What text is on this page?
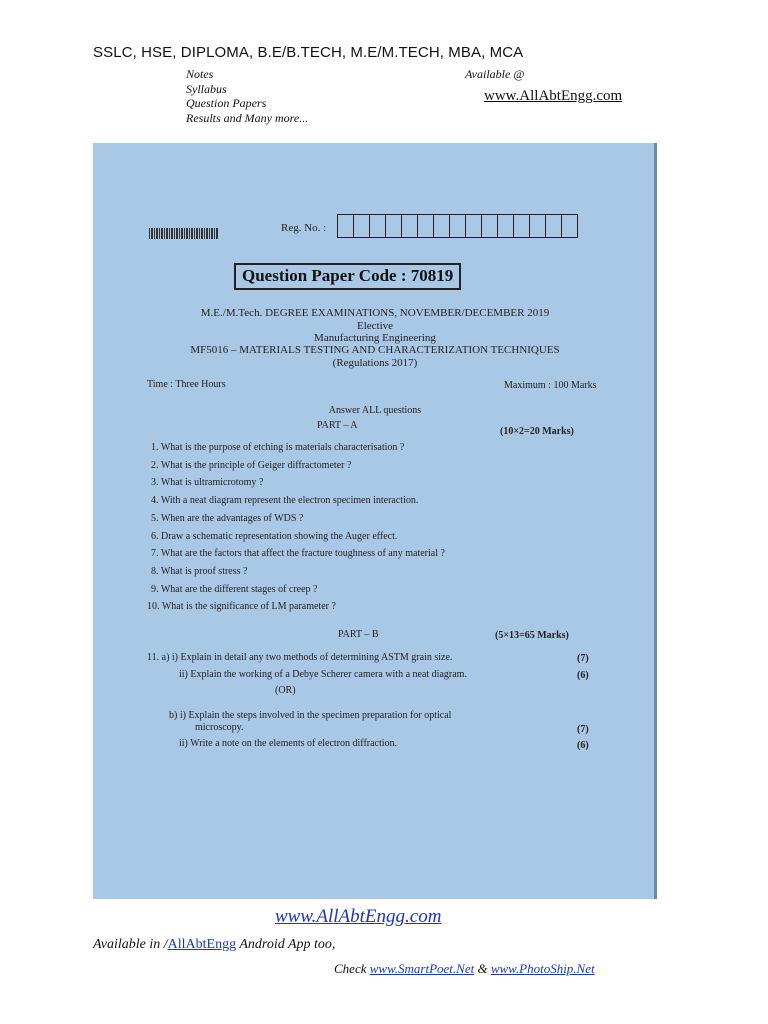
SSLC, HSE, DIPLOMA, B.E/B.TECH, M.E/M.TECH, MBA, MCA
Notes
Syllabus
Question Papers
Results and Many more...
Available @
www.AllAbtEngg.com
Reg. No. :
Question Paper Code : 70819
M.E./M.Tech. DEGREE EXAMINATIONS, NOVEMBER/DECEMBER 2019
Elective
Manufacturing Engineering
MF5016 – MATERIALS TESTING AND CHARACTERIZATION TECHNIQUES
(Regulations 2017)
Time : Three Hours	Maximum : 100 Marks
Answer ALL questions
PART – A
(10×2=20 Marks)
1. What is the purpose of etching is materials characterisation ?
2. What is the principle of Geiger diffractometer ?
3. What is ultramicrotomy ?
4. With a neat diagram represent the electron specimen interaction.
5. When are the advantages of WDS ?
6. Draw a schematic representation showing the Auger effect.
7. What are the factors that affect the fracture toughness of any material ?
8. What is proof stress ?
9. What are the different stages of creep ?
10. What is the significance of LM parameter ?
PART – B	(5×13=65 Marks)
11. a) i) Explain in detail any two methods of determining ASTM grain size.	(7)
ii) Explain the working of a Debye Scherer camera with a neat diagram.	(6)
(OR)
b) i) Explain the steps involved in the specimen preparation for optical
microscopy.	(7)
ii) Write a note on the elements of electron diffraction.	(6)
www.AllAbtEngg.com
Available in /AllAbtEngg Android App too,
Check www.SmartPoet.Net & www.PhotoShip.Net
